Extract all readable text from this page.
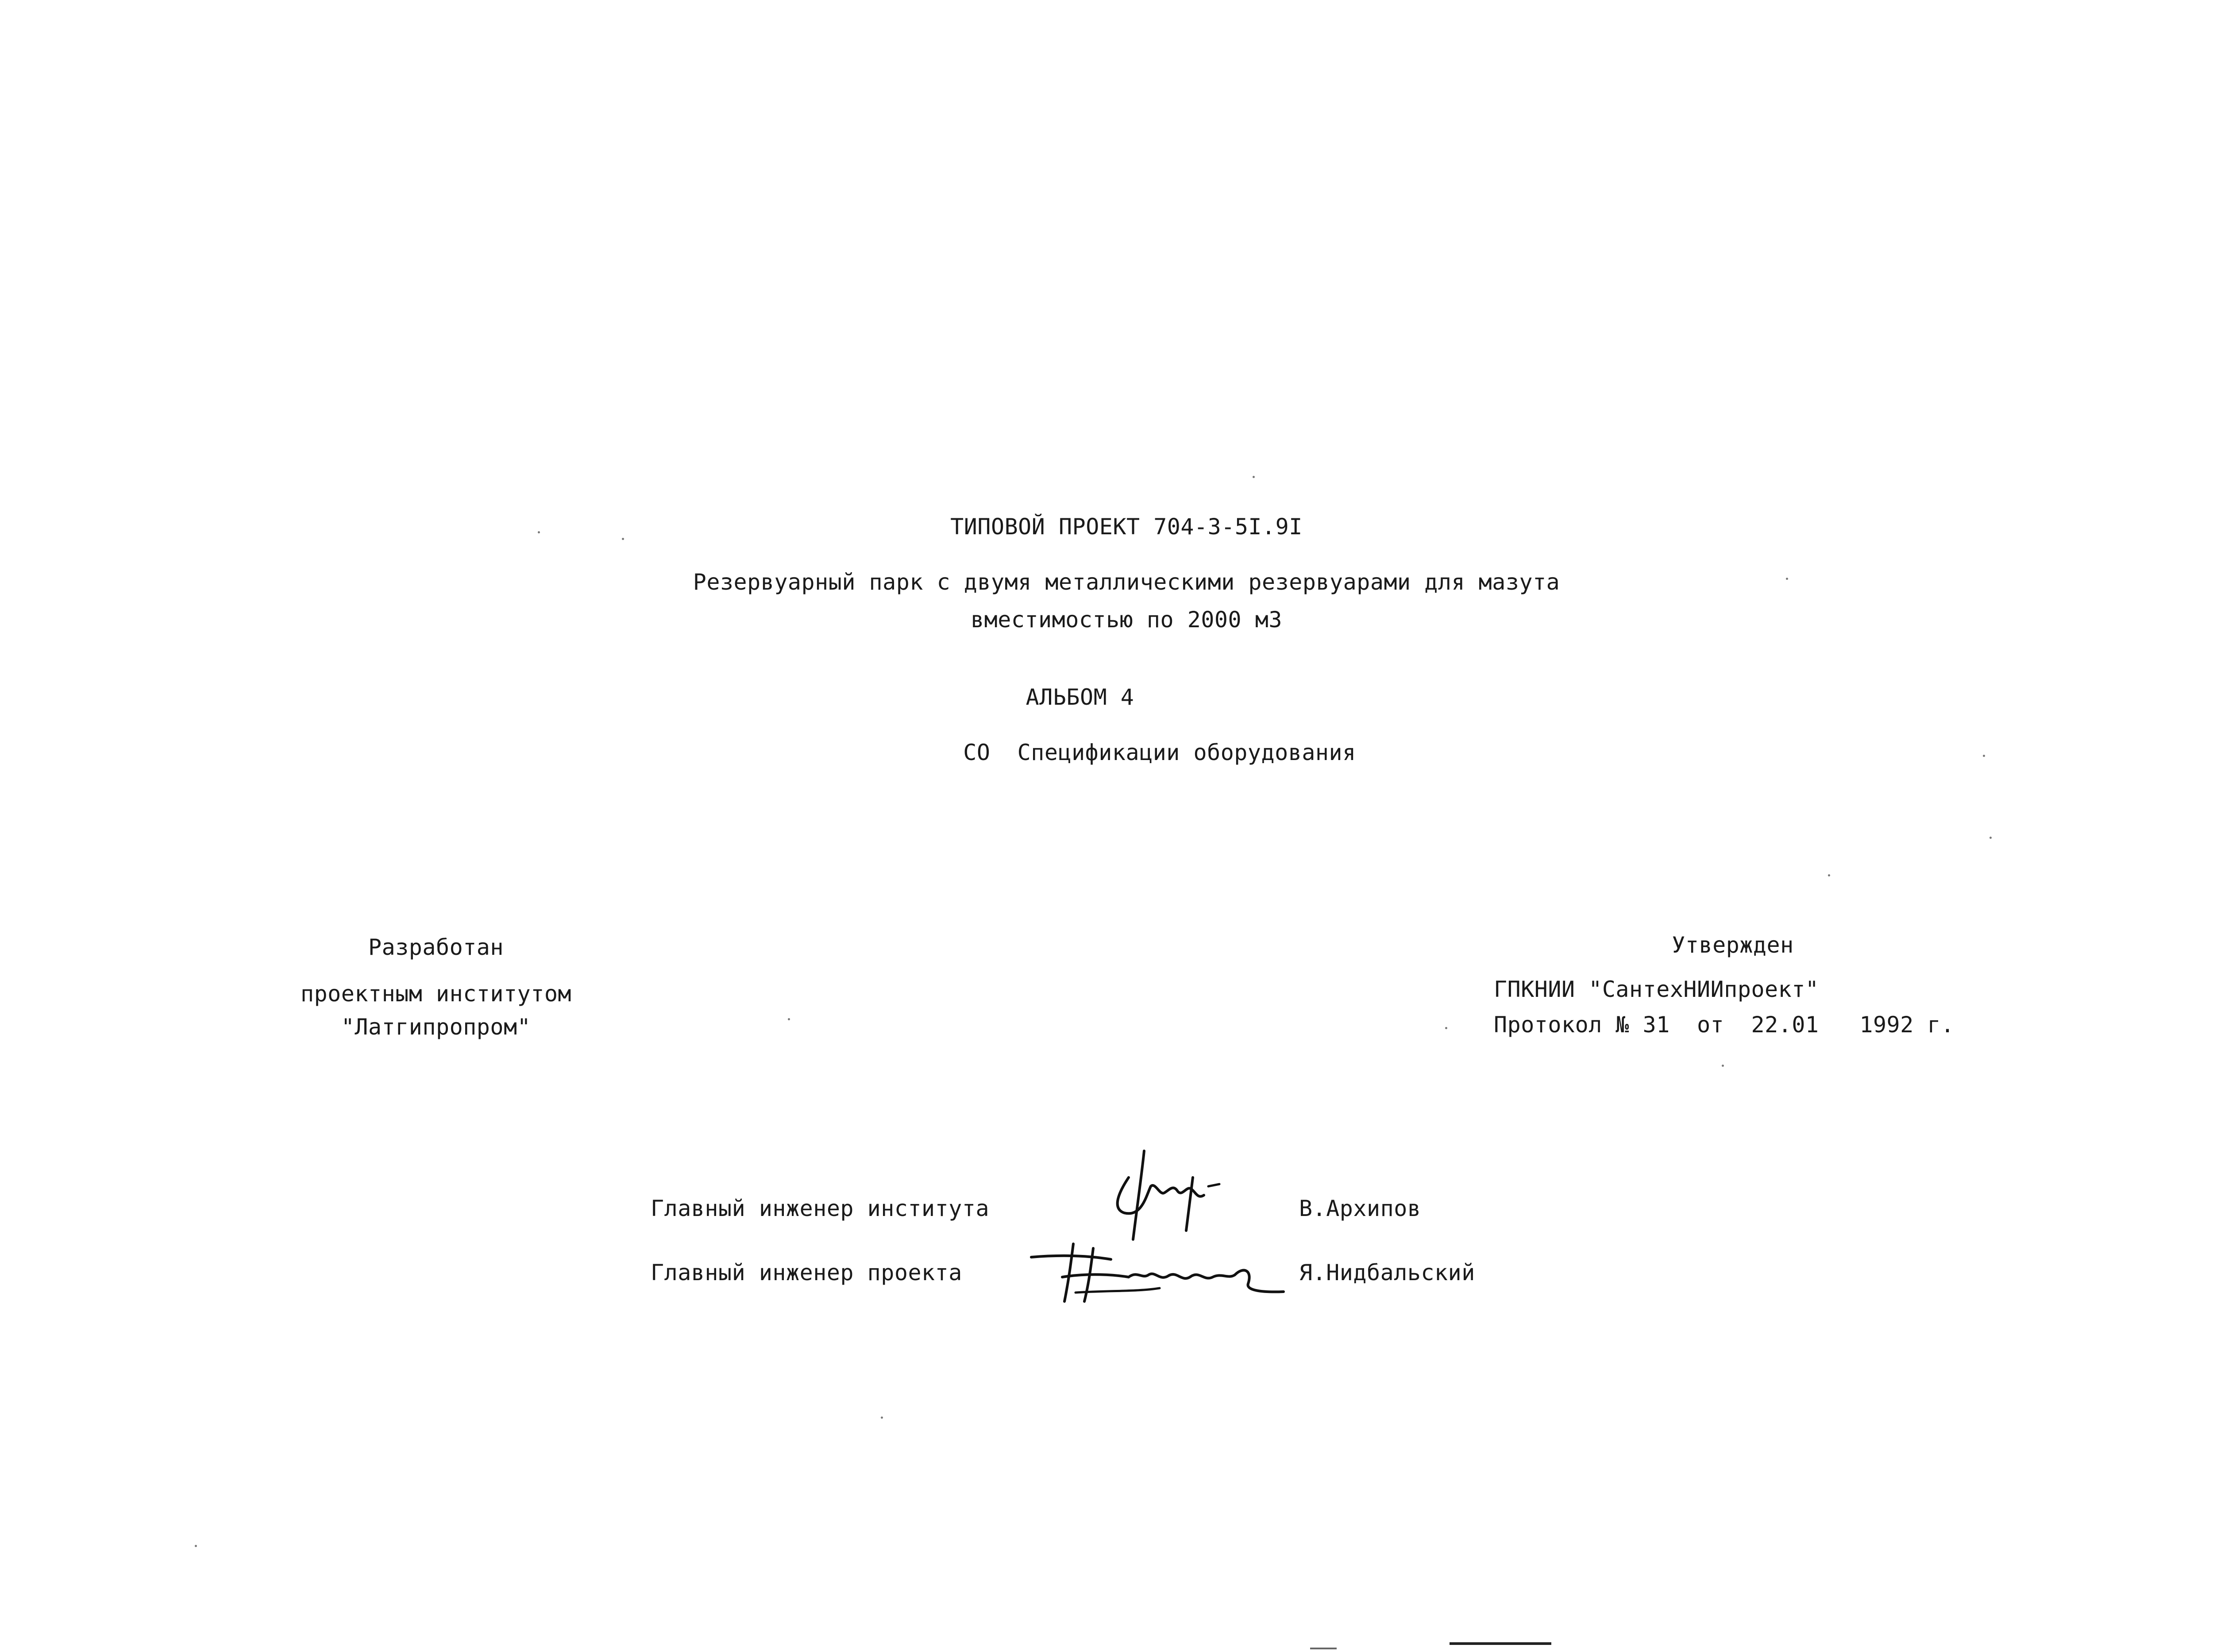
ТИПОВОЙ ПРОЕКТ 704-3-5I.9I
Резервуарный парк с двумя металлическими резервуарами для мазута
вместимостью по 2000 м3
АЛЬБОМ 4
СО  Спецификации оборудования
Разработан
проектным институтом
"Латгипропром"
Утвержден
ГПКНИИ "СантехНИИпроект"
Протокол № 31 от 22.01 1992 г.
Главный инженер института	В.Архипов
Главный инженер проекта	Я.Нидбальский
